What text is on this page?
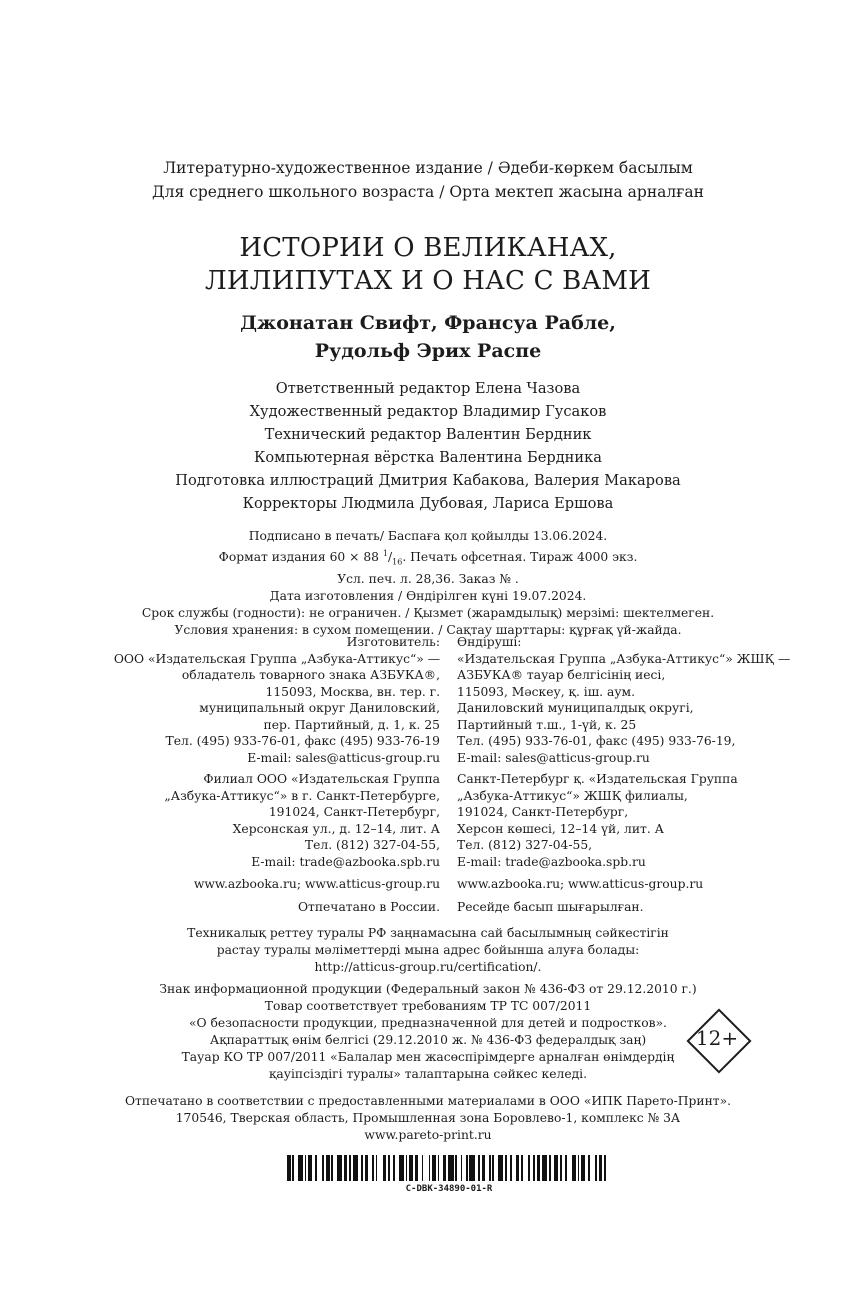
Литературно-художественное издание / Әдеби-көркем басылым
Для среднего школьного возраста / Орта мектеп жасына арналған
ИСТОРИИ О ВЕЛИКАНАХ,
ЛИЛИПУТАХ И О НАС С ВАМИ
Джонатан Свифт, Франсуа Рабле,
Рудольф Эрих Распе
Ответственный редактор Елена Чазова
Художественный редактор Владимир Гусаков
Технический редактор Валентин Бердник
Компьютерная вёрстка Валентина Бердника
Подготовка иллюстраций Дмитрия Кабакова, Валерия Макарова
Корректоры Людмила Дубовая, Лариса Ершова
Подписано в печать/ Баспаға қол қойылды 13.06.2024.
Формат издания 60 × 88 $^1/_{16}$. Печать офсетная. Тираж 4000 экз.
Усл. печ. л. 28,36. Заказ № .
Дата изготовления / Өндірілген күні 19.07.2024.
Срок службы (годности): не ограничен. / Қызмет (жарамдылық) мерзімі: шектелмеген.
Условия хранения: в сухом помещении. / Сақтау шарттары: құрғақ үй-жайда.
Изготовитель:
ООО «Издательская Группа „Азбука-Аттикус“» —
обладатель товарного знака АЗБУКА®,
115093, Москва, вн. тер. г.
муниципальный округ Даниловский,
пер. Партийный, д. 1, к. 25
Тел. (495) 933-76-01, факс (495) 933-76-19
E-mail: sales@atticus-group.ru
Филиал ООО «Издательская Группа
„Азбука-Аттикус“» в г. Санкт-Петербурге,
191024, Санкт-Петербург,
Херсонская ул., д. 12–14, лит. А
Тел. (812) 327-04-55,
E-mail: trade@azbooka.spb.ru
www.azbooka.ru; www.atticus-group.ru
Отпечатано в России.
Өндіруші:
«Издательская Группа „Азбука-Аттикус“» ЖШҚ —
АЗБУКА® тауар белгісінің иесі,
115093, Мәскеу, қ. іш. аум.
Даниловский муниципалдық округі,
Партийный т.ш., 1-үй, к. 25
Тел. (495) 933-76-01, факс (495) 933-76-19,
E-mail: sales@atticus-group.ru
Санкт-Петербург қ. «Издательская Группа
„Азбука-Аттикус“» ЖШҚ филиалы,
191024, Санкт-Петербург,
Херсон көшесі, 12–14 үй, лит. А
Тел. (812) 327-04-55,
E-mail: trade@azbooka.spb.ru
www.azbooka.ru; www.atticus-group.ru
Ресейде басып шығарылған.
Техникалық реттеу туралы РФ заңнамасына сай басылымның сәйкестігін
растау туралы мәліметтерді мына адрес бойынша алуға болады:
http://atticus-group.ru/certification/.
Знак информационной продукции (Федеральный закон № 436-ФЗ от 29.12.2010 г.)
Товар соответствует требованиям ТР ТС 007/2011
«О безопасности продукции, предназначенной для детей и подростков».
Ақпараттық өнім белгісі (29.12.2010 ж. № 436-ФЗ федералдық заң)
Тауар КО ТР 007/2011 «Балалар мен жасөспірімдерге арналған өнімдердің
қауіпсіздігі туралы» талаптарына сәйкес келеді.
12+
Отпечатано в соответствии с предоставленными материалами в ООО «ИПК Парето-Принт».
170546, Тверская область, Промышленная зона Боровлево-1, комплекс № 3А
www.pareto-print.ru
C-DBK-34890-01-R
